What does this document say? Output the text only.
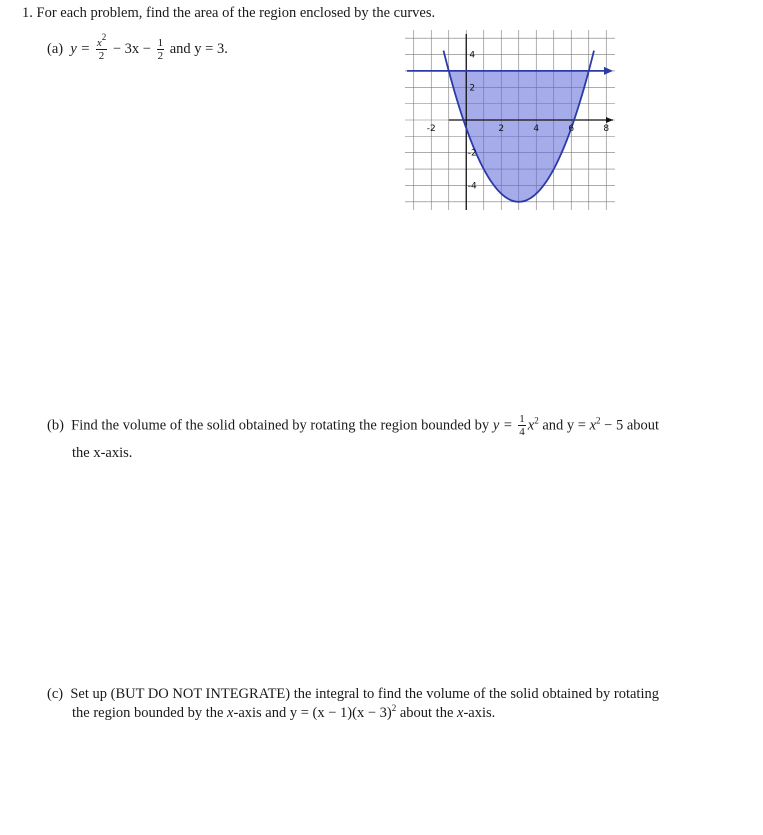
1. For each problem, find the area of the region enclosed by the curves.
(a) $y = \frac{x^2}{2} - 3x - \frac{1}{2}$ and y = 3.
-2	2	4	6	8
4
2
-2
-4
(b) Find the volume of the solid obtained by rotating the region bounded by $y = \frac{1}{4} x^2$ and $y = x^2 - 5$ about
the x-axis.
(c) Set up (BUT DO NOT INTEGRATE) the integral to find the volume of the solid obtained by rotating
the region bounded by the x-axis and $y = (x - 1)(x - 3)^2$ about the x-axis.
